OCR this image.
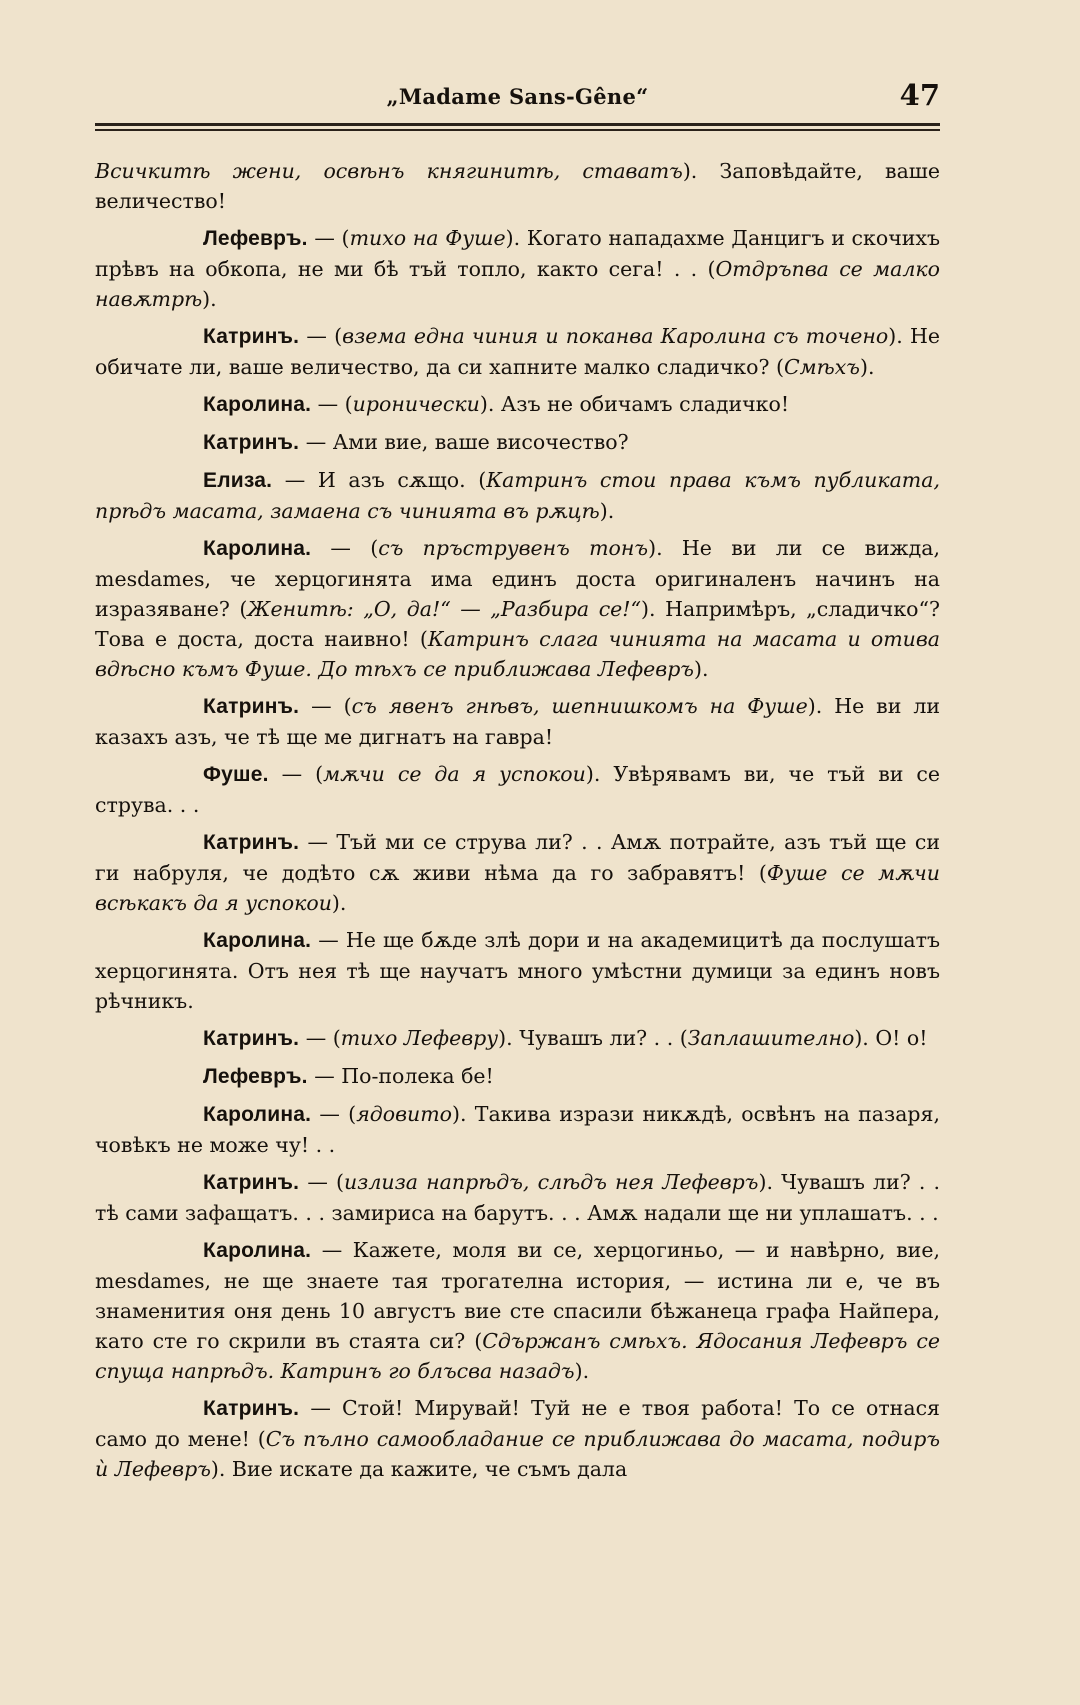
„Madame Sans-Gêne“	47

Всичкитѣ жени, освѣнъ княгинитѣ, ставатъ). Заповѣдайте, ваше величество!

Лефевръ. — (тихо на Фуше). Когато нападахме Данцигъ и скочихъ прѣвъ на обкопа, не ми бѣ тъй топло, както сега! . . (Отдръпва се малко навѫтрѣ).

Катринъ. — (взема една чиния и поканва Каролина съ точено). Не обичате ли, ваше величество, да си хапните малко сладичко? (Смѣхъ).

Каролина. — (иронически). Азъ не обичамъ сладичко!

Катринъ. — Ами вие, ваше височество?

Елиза. — И азъ сѫщо. (Катринъ стои права къмъ публиката, прѣдъ масата, замаена съ чинията въ рѫцѣ).

Каролина. — (съ пръструвенъ тонъ). Не ви ли се вижда, mesdames, че херцогинята има единъ доста оригиналенъ начинъ на изразяване? (Женитѣ: „О, да!“ — „Разбира се!“). Напримѣръ, „сладичко“? Това е доста, доста наивно! (Катринъ слага чинията на масата и отива вдѣсно къмъ Фуше. До тѣхъ се приближава Лефевръ).

Катринъ. — (съ явенъ гнѣвъ, шепнишкомъ на Фуше). Не ви ли казахъ азъ, че тѣ ще ме дигнатъ на гавра!

Фуше. — (мѫчи се да я успокои). Увѣрявамъ ви, че тъй ви се струва. . .

Катринъ. — Тъй ми се струва ли? . . Амѫ потрайте, азъ тъй ще си ги набруля, че додѣто сѫ живи нѣма да го забравятъ! (Фуше се мѫчи всѣкакъ да я успокои).

Каролина. — Не ще бѫде злѣ дори и на академицитѣ да послушатъ херцогинята. Отъ нея тѣ ще научатъ много умѣстни думици за единъ новъ рѣчникъ.

Катринъ. — (тихо Лефевру). Чувашъ ли? . . (Заплашително). О! о!

Лефевръ. — По-полека бе!

Каролина. — (ядовито). Такива изрази никѫдѣ, освѣнъ на пазаря, човѣкъ не може чу! . .

Катринъ. — (излиза напрѣдъ, слѣдъ нея Лефевръ). Чувашъ ли? . . тѣ сами зафащатъ. . . замириса на барутъ. . . Амѫ надали ще ни уплашатъ. . .

Каролина. — Кажете, моля ви се, херцогиньо, — и навѣрно, вие, mesdames, не ще знаете тая трогателна история, — истина ли е, че въ знаменития оня день 10 августъ вие сте спасили бѣжанеца графа Найпера, като сте го скрили въ стаята си? (Сдържанъ смѣхъ. Ядосания Лефевръ се спуща напрѣдъ. Катринъ го блъсва назадъ).

Катринъ. — Стой! Мирувай! Туй не е твоя работа! То се отнася само до мене! (Съ пълно самообладание се приближава до масата, подиръ ѝ Лефевръ). Вие искате да кажите, че съмъ дала
